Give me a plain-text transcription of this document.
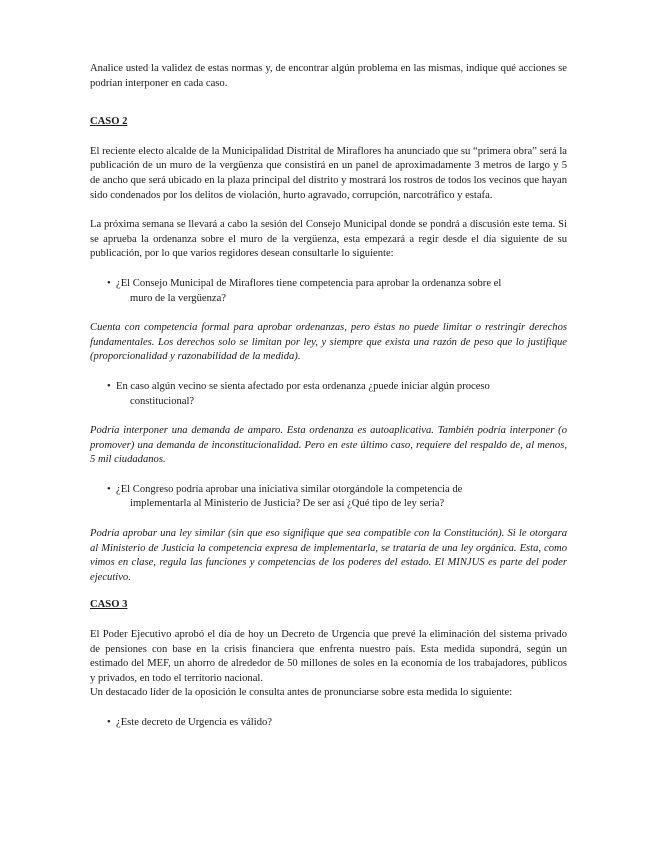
Analice usted la validez de estas normas y, de encontrar algún problema en las mismas, indique qué acciones se podrían interponer en cada caso.

CASO 2

El reciente electo alcalde de la Municipalidad Distrital de Miraflores ha anunciado que su “primera obra” será la publicación de un muro de la vergüenza que consistirá en un panel de aproximadamente 3 metros de largo y 5 de ancho que será ubicado en la plaza principal del distrito y mostrará los rostros de todos los vecinos que hayan sido condenados por los delitos de violación, hurto agravado, corrupción, narcotráfico y estafa.

La próxima semana se llevará a cabo la sesión del Consejo Municipal donde se pondrá a discusión este tema. Si se aprueba la ordenanza sobre el muro de la vergüenza, esta empezará a regir desde el día siguiente de su publicación, por lo que varios regidores desean consultarle lo siguiente:

• ¿El Consejo Municipal de Miraflores tiene competencia para aprobar la ordenanza sobre el
muro de la vergüenza?

Cuenta con competencia formal para aprobar ordenanzas, pero éstas no puede limitar o restringir derechos fundamentales. Los derechos solo se limitan por ley, y siempre que exista una razón de peso que lo justifique (proporcionalidad y razonabilidad de la medida).

• En caso algún vecino se sienta afectado por esta ordenanza ¿puede iniciar algún proceso
constitucional?

Podría interponer una demanda de amparo. Esta ordenanza es autoaplicativa. También podría interponer (o promover) una demanda de inconstitucionalidad. Pero en este último caso, requiere del respaldo de, al menos, 5 mil ciudadanos.

• ¿El Congreso podría aprobar una iniciativa similar otorgándole la competencia de
implementarla al Ministerio de Justicia? De ser así ¿Qué tipo de ley sería?

Podría aprobar una ley similar (sin que eso signifique que sea compatible con la Constitución). Si le otorgara al Ministerio de Justicia la competencia expresa de implementarla, se trataría de una ley orgánica. Esta, como vimos en clase, regula las funciones y competencias de los poderes del estado. El MINJUS es parte del poder ejecutivo.

CASO 3

El Poder Ejecutivo aprobó el día de hoy un Decreto de Urgencia que prevé la eliminación del sistema privado de pensiones con base en la crisis financiera que enfrenta nuestro país. Esta medida supondrá, según un estimado del MEF, un ahorro de alrededor de 50 millones de soles en la economía de los trabajadores, públicos y privados, en todo el territorio nacional.

Un destacado líder de la oposición le consulta antes de pronunciarse sobre esta medida lo siguiente:

• ¿Este decreto de Urgencia es válido?
